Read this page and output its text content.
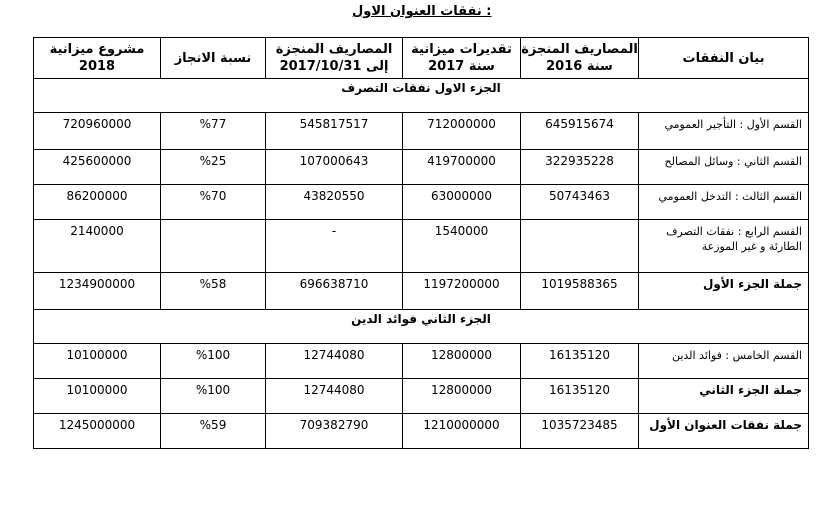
نفقات العنوان الاول :
بيان النفقات	المصاريف المنجزة سنة 2016	تقديرات ميزانية سنة 2017	المصاريف المنجزة إلى 2017/10/31	نسبة الانجاز	مشروع ميزانية 2018
الجزء الاول نفقات التصرف					
القسم الأول : التأجير العمومي	645915674	712000000	545817517	%77	720960000
القسم الثاني : وسائل المصالح	322935228	419700000	107000643	%25	425600000
القسم الثالث : التدخل العمومي	50743463	63000000	43820550	%70	86200000
القسم الرابع : نفقات التصرف الطارئة و غير الموزعة		1540000	-		2140000
جملة الجزء الأول	1019588365	1197200000	696638710	%58	1234900000
الجزء الثاني فوائد الدين					
القسم الخامس : فوائد الدين	16135120	12800000	12744080	%100	10100000
جملة الجزء الثاني	16135120	12800000	12744080	%100	10100000
جملة نفقات العنوان الأول	1035723485	1210000000	709382790	%59	1245000000
